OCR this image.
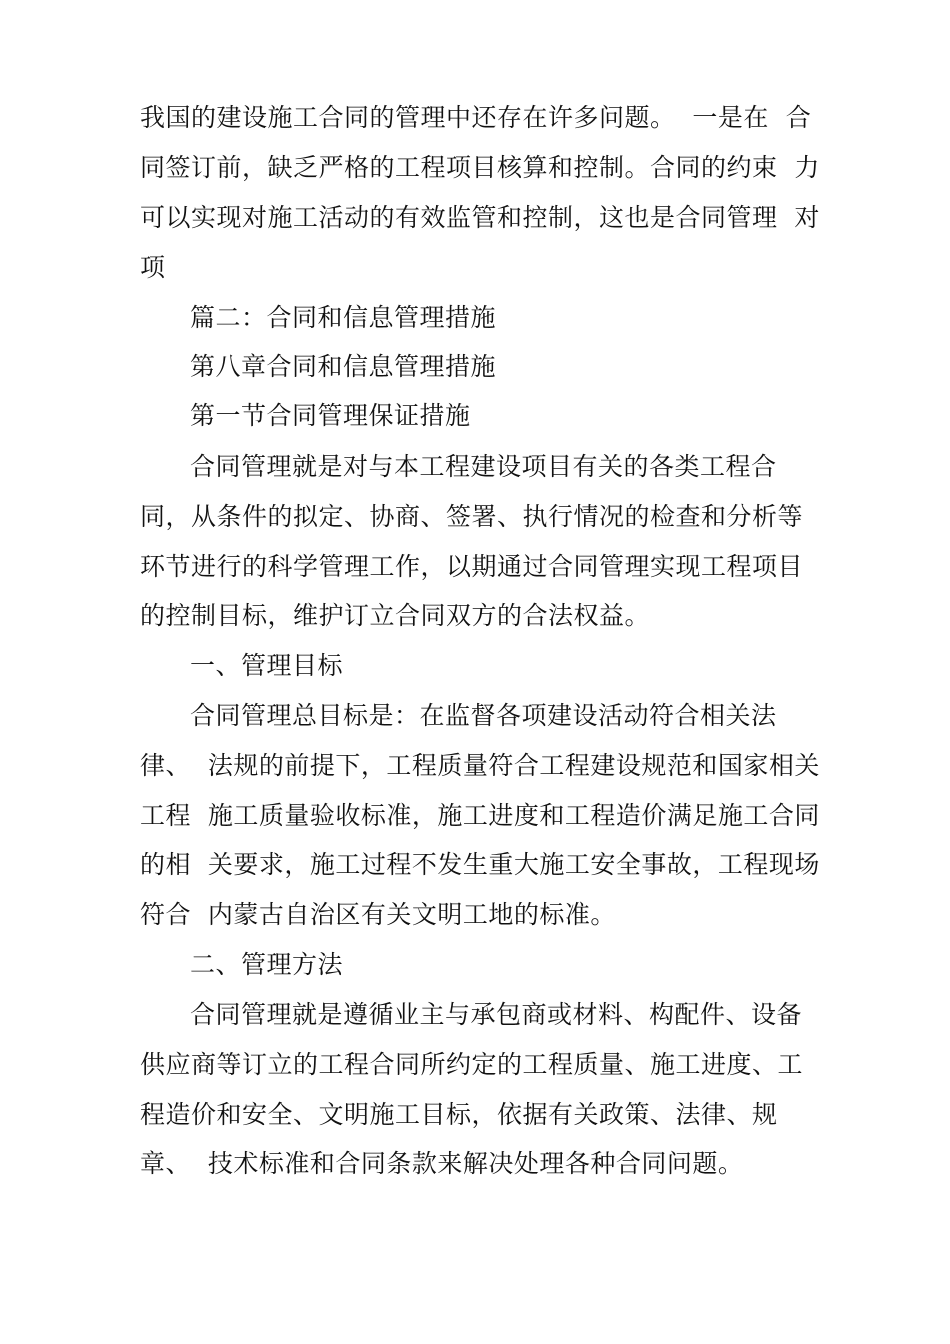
我国的建设施工合同的管理中还存在许多问题。  一是在  合
同签订前，缺乏严格的工程项目核算和控制。合同的约束  力
可以实现对施工活动的有效监管和控制，这也是合同管理  对
项
篇二：合同和信息管理措施
第八章合同和信息管理措施
第一节合同管理保证措施
合同管理就是对与本工程建设项目有关的各类工程合
同，从条件的拟定、协商、签署、执行情况的检查和分析等
环节进行的科学管理工作，以期通过合同管理实现工程项目
的控制目标，维护订立合同双方的合法权益。
一、管理目标
合同管理总目标是：在监督各项建设活动符合相关法
律、  法规的前提下，工程质量符合工程建设规范和国家相关
工程  施工质量验收标准，施工进度和工程造价满足施工合同
的相  关要求，施工过程不发生重大施工安全事故，工程现场
符合  内蒙古自治区有关文明工地的标准。
二、管理方法
合同管理就是遵循业主与承包商或材料、构配件、设备
供应商等订立的工程合同所约定的工程质量、施工进度、工
程造价和安全、文明施工目标，依据有关政策、法律、规
章、  技术标准和合同条款来解决处理各种合同问题。
